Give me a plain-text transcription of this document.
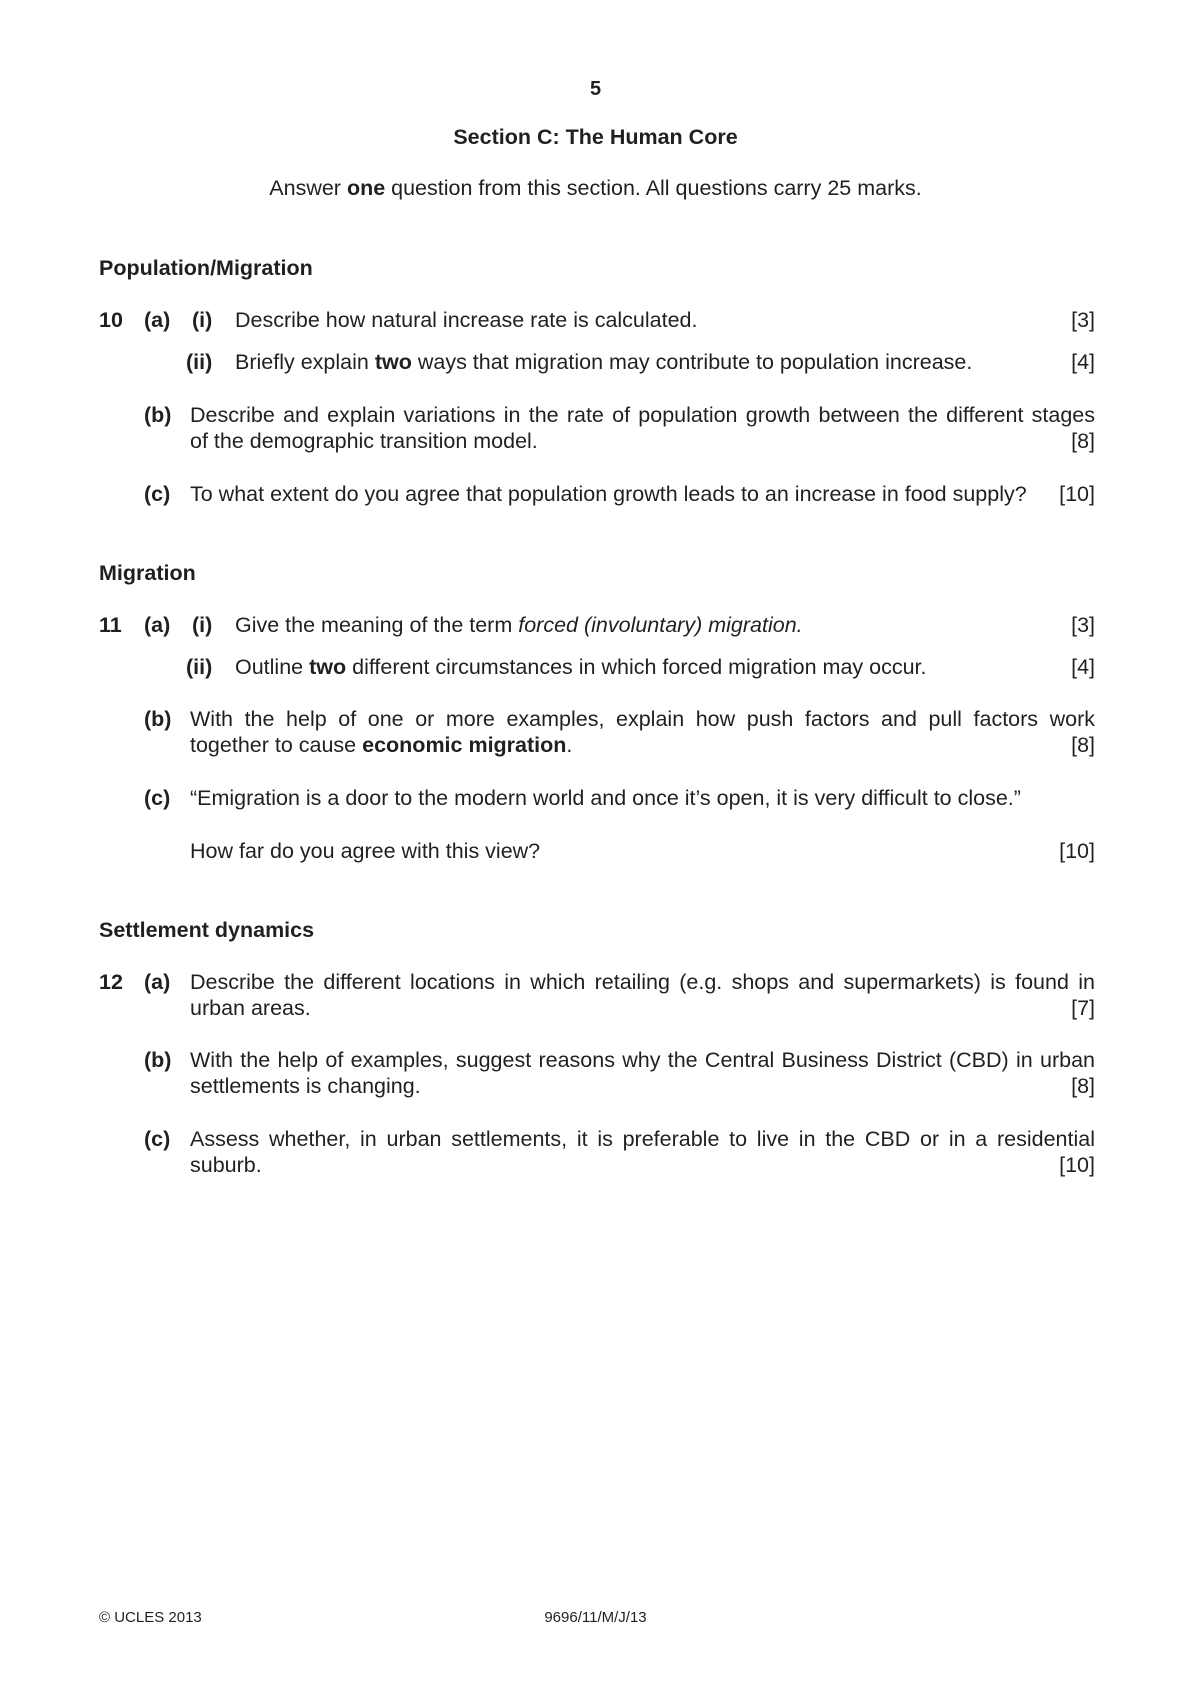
5
Section C: The Human Core
Answer one question from this section. All questions carry 25 marks.
Population/Migration
10 (a) (i) Describe how natural increase rate is calculated.	[3]
(ii) Briefly explain two ways that migration may contribute to population increase.	[4]
(b) Describe and explain variations in the rate of population growth between the different stages
of the demographic transition model.	[8]
(c) To what extent do you agree that population growth leads to an increase in food supply? [10]
Migration
11 (a) (i) Give the meaning of the term forced (involuntary) migration.	[3]
(ii) Outline two different circumstances in which forced migration may occur.	[4]
(b) With the help of one or more examples, explain how push factors and pull factors work
together to cause economic migration.	[8]
(c) “Emigration is a door to the modern world and once it’s open, it is very difficult to close.”
How far do you agree with this view?	[10]
Settlement dynamics
12 (a) Describe the different locations in which retailing (e.g. shops and supermarkets) is found in
urban areas.	[7]
(b) With the help of examples, suggest reasons why the Central Business District (CBD) in urban
settlements is changing.	[8]
(c) Assess whether, in urban settlements, it is preferable to live in the CBD or in a residential
suburb.	[10]
© UCLES 2013	9696/11/M/J/13
